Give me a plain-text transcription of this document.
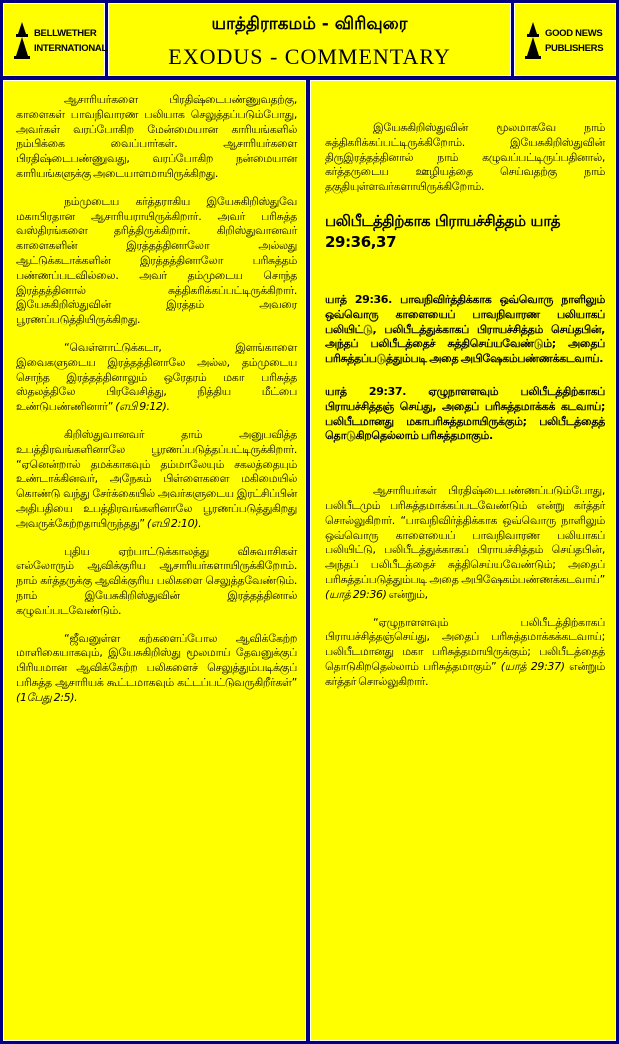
BELLWETHER INTERNATIONAL
யாத்திராகமம் - விரிவுரை
EXODUS - COMMENTARY
GOOD NEWS PUBLISHERS

ஆசாரியர்களை பிரதிஷ்டைபண்ணுவதற்கு, காளைகள் பாவநிவாரண பலியாக செலுத்தப்படும்போது, அவர்கள் வரப்போகிற மேன்மையான காரியங்களில் நம்பிக்கை வைப்பார்கள். ஆசாரியர்களை பிரதிஷ்டைபண்ணுவது, வரப்போகிற நன்மையான காரியங்களுக்கு அடையாளமாயிருக்கிறது.

நம்முடைய கர்த்தராகிய இயேசுகிறிஸ்துவே மகாபிரதான ஆசாரியராயிருக்கிறார். அவர் பரிசுத்த வஸ்திரங்களை தரித்திருக்கிறார். கிறிஸ்துவானவர் காளைகளின் இரத்தத்தினாலோ அல்லது ஆட்டுக்கடாக்களின் இரத்தத்தினாலோ பரிசுத்தம் பண்ணப்படவில்லை. அவர் தம்முடைய சொந்த இரத்தத்தினால் சுத்திகரிக்கப்பட்டிருக்கிறார். இயேசுகிறிஸ்துவின் இரத்தம் அவரை பூரணப்படுத்தியிருக்கிறது.

“வெள்ளாட்டுக்கடா, இளங்காளை இவைகளுடைய இரத்தத்தினாலே அல்ல, தம்முடைய சொந்த இரத்தத்தினாலும் ஒரேதரம் மகா பரிசுத்த ஸ்தலத்திலே பிரவேசித்து, நித்திய மீட்பை உண்டுபண்ணினார்” (எபி 9:12).

கிறிஸ்துவானவர் தாம் அனுபவித்த உபத்திரவங்களினாலே பூரணப்படுத்தப்பட்டிருக்கிறார். “ஏனென்றால் தமக்காகவும் தம்மாலேயும் சகலத்தையும் உண்டாக்கினவர், அநேகம் பிள்ளைகளை மகிமையில் கொண்டு வந்து சேர்க்கையில் அவர்களுடைய இரட்சிப்பின் அதிபதியை உபத்திரவங்களினாலே பூரணப்படுத்துகிறது அவருக்கேற்றதாயிருந்தது” (எபி 2:10).

புதிய ஏற்பாட்டுக்காலத்து விசுவாசிகள் எல்லோரும் ஆவிக்குரிய ஆசாரியர்களாயிருக்கிறோம். நாம் கர்த்தருக்கு ஆவிக்குரிய பலிகளை செலுத்தவேண்டும். நாம் இயேசுகிறிஸ்துவின் இரத்தத்தினால் கழுவப்படவேண்டும்.

“ஜீவனுள்ள கற்களைப்போல ஆவிக்கேற்ற மாளிகையாகவும், இயேசுகிறிஸ்து மூலமாய் தேவனுக்குப் பிரியமான ஆவிக்கேற்ற பலிகளைச் செலுத்தும்படிக்குப் பரிசுத்த ஆசாரியக் கூட்டமாகவும் கட்டப்பட்டுவருகிறீர்கள்” (1பேது 2:5).

இயேசுகிறிஸ்துவின் மூலமாகவே நாம் சுத்திகரிக்கப்பட்டிருக்கிறோம். இயேசுகிறிஸ்துவின் திருஇரத்தத்தினால் நாம் கழுவப்பட்டிருப்பதினால், கர்த்தருடைய ஊழியத்தை செய்வதற்கு நாம் தகுதியுள்ளவர்களாயிருக்கிறோம்.

பலிபீடத்திற்காக பிராயச்சித்தம் யாத் 29:36,37

யாத் 29:36. பாவநிவிர்த்திக்காக ஒவ்வொரு நாளிலும் ஒவ்வொரு காளையைப் பாவநிவாரண பலியாகப் பலியிட்டு, பலிபீடத்துக்காகப் பிராயச்சித்தம் செய்தபின், அந்தப் பலிபீடத்தைச் சுத்திசெய்யவேண்டும்; அதைப் பரிசுத்தப்படுத்தும்படி அதை அபிஷேகம்பண்ணக்கடவாய்.

யாத் 29:37. ஏழுநாளளவும் பலிபீடத்திற்காகப் பிராயச்சித்தஞ் செய்து, அதைப் பரிசுத்தமாக்கக் கடவாய்; பலிபீடமானது மகாபரிசுத்தமாயிருக்கும்; பலிபீடத்தைத் தொடுகிறதெல்லாம் பரிசுத்தமாகும்.

ஆசாரியர்கள் பிரதிஷ்டைபண்ணப்படும்போது, பலிபீடமும் பரிசுத்தமாக்கப்படவேண்டும் என்று கர்த்தர் சொல்லுகிறார். “பாவநிவிர்த்திக்காக ஒவ்வொரு நாளிலும் ஒவ்வொரு காளையைப் பாவநிவாரண பலியாகப் பலியிட்டு, பலிபீடத்துக்காகப் பிராயச்சித்தம் செய்தபின், அந்தப் பலிபீடத்தைச் சுத்திசெய்யவேண்டும்; அதைப் பரிசுத்தப்படுத்தும்படி அதை அபிஷேகம்பண்ணக்கடவாய்” (யாத் 29:36) என்றும்,

“ஏழுநாளளவும் பலிபீடத்திற்காகப் பிராயச்சித்தஞ்செய்து, அதைப் பரிசுத்தமாக்கக்கடவாய்; பலிபீடமானது மகா பரிசுத்தமாயிருக்கும்; பலிபீடத்தைத் தொடுகிறதெல்லாம் பரிசுத்தமாகும்” (யாத் 29:37) என்றும் கர்த்தர் சொல்லுகிறார்.
